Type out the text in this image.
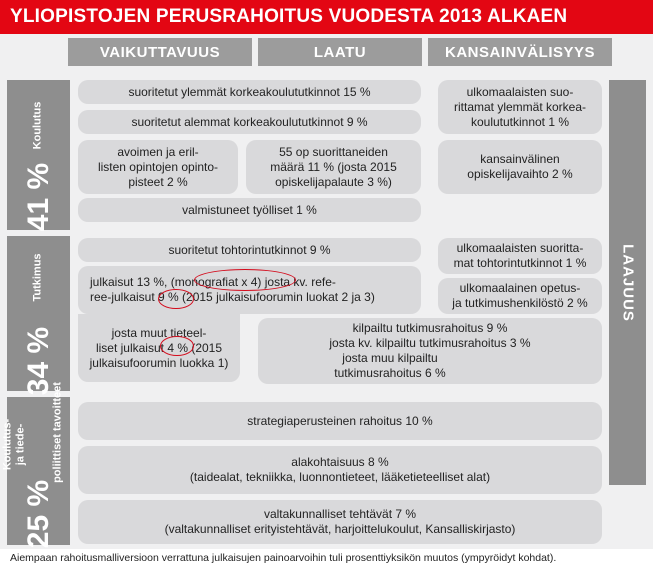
YLIOPISTOJEN PERUSRAHOITUS VUODESTA 2013 ALKAEN
VAIKUTTAVUUS	LAATU	KANSAINVÄLISYYS
41 %
Koulutus
34 %
Tutkimus
25 %
Koulutus- ja tiede- poliittiset tavoitteet
LAAJUUS
suoritetut ylemmät korkeakoulututkinnot 15 %
suoritetut alemmat korkeakoulututkinnot 9 %
avoimen ja eril-
listen opintojen opinto-
pisteet 2 %
55 op suorittaneiden
määrä 11 % (josta 2015
opiskelijapalaute 3 %)
valmistuneet työlliset 1 %
ulkomaalaisten suo-
rittamat ylemmät korkea-
koulututkinnot 1 %
kansainvälinen
opiskelijavaihto 2 %
suoritetut tohtorintutkinnot 9 %
julkaisut 13 %, (monografiat x 4) josta kv. refe-
ree-julkaisut 9 % (2015 julkaisufoorumin luokat 2 ja 3)
josta muut tieteel-
liset julkaisut 4 % (2015
julkaisufoorumin luokka 1)
kilpailtu tutkimusrahoitus 9 %
josta kv. kilpailtu tutkimusrahoitus 3 %
josta muu kilpailtu
tutkimusrahoitus 6 %
ulkomaalaisten suoritta-
mat tohtorintutkinnot 1 %
ulkomaalainen opetus-
ja tutkimushenkilöstö 2 %
strategiaperusteinen rahoitus 10 %
alakohtaisuus 8 %
(taidealat, tekniikka, luonnontieteet, lääketieteelliset alat)
valtakunnalliset tehtävät 7 %
(valtakunnalliset erityistehtävät, harjoittelukoulut, Kansalliskirjasto)
Aiempaan rahoitusmalliversioon verrattuna julkaisujen painoarvoihin tuli prosenttiyksikön muutos (ympyröidyt kohdat).
